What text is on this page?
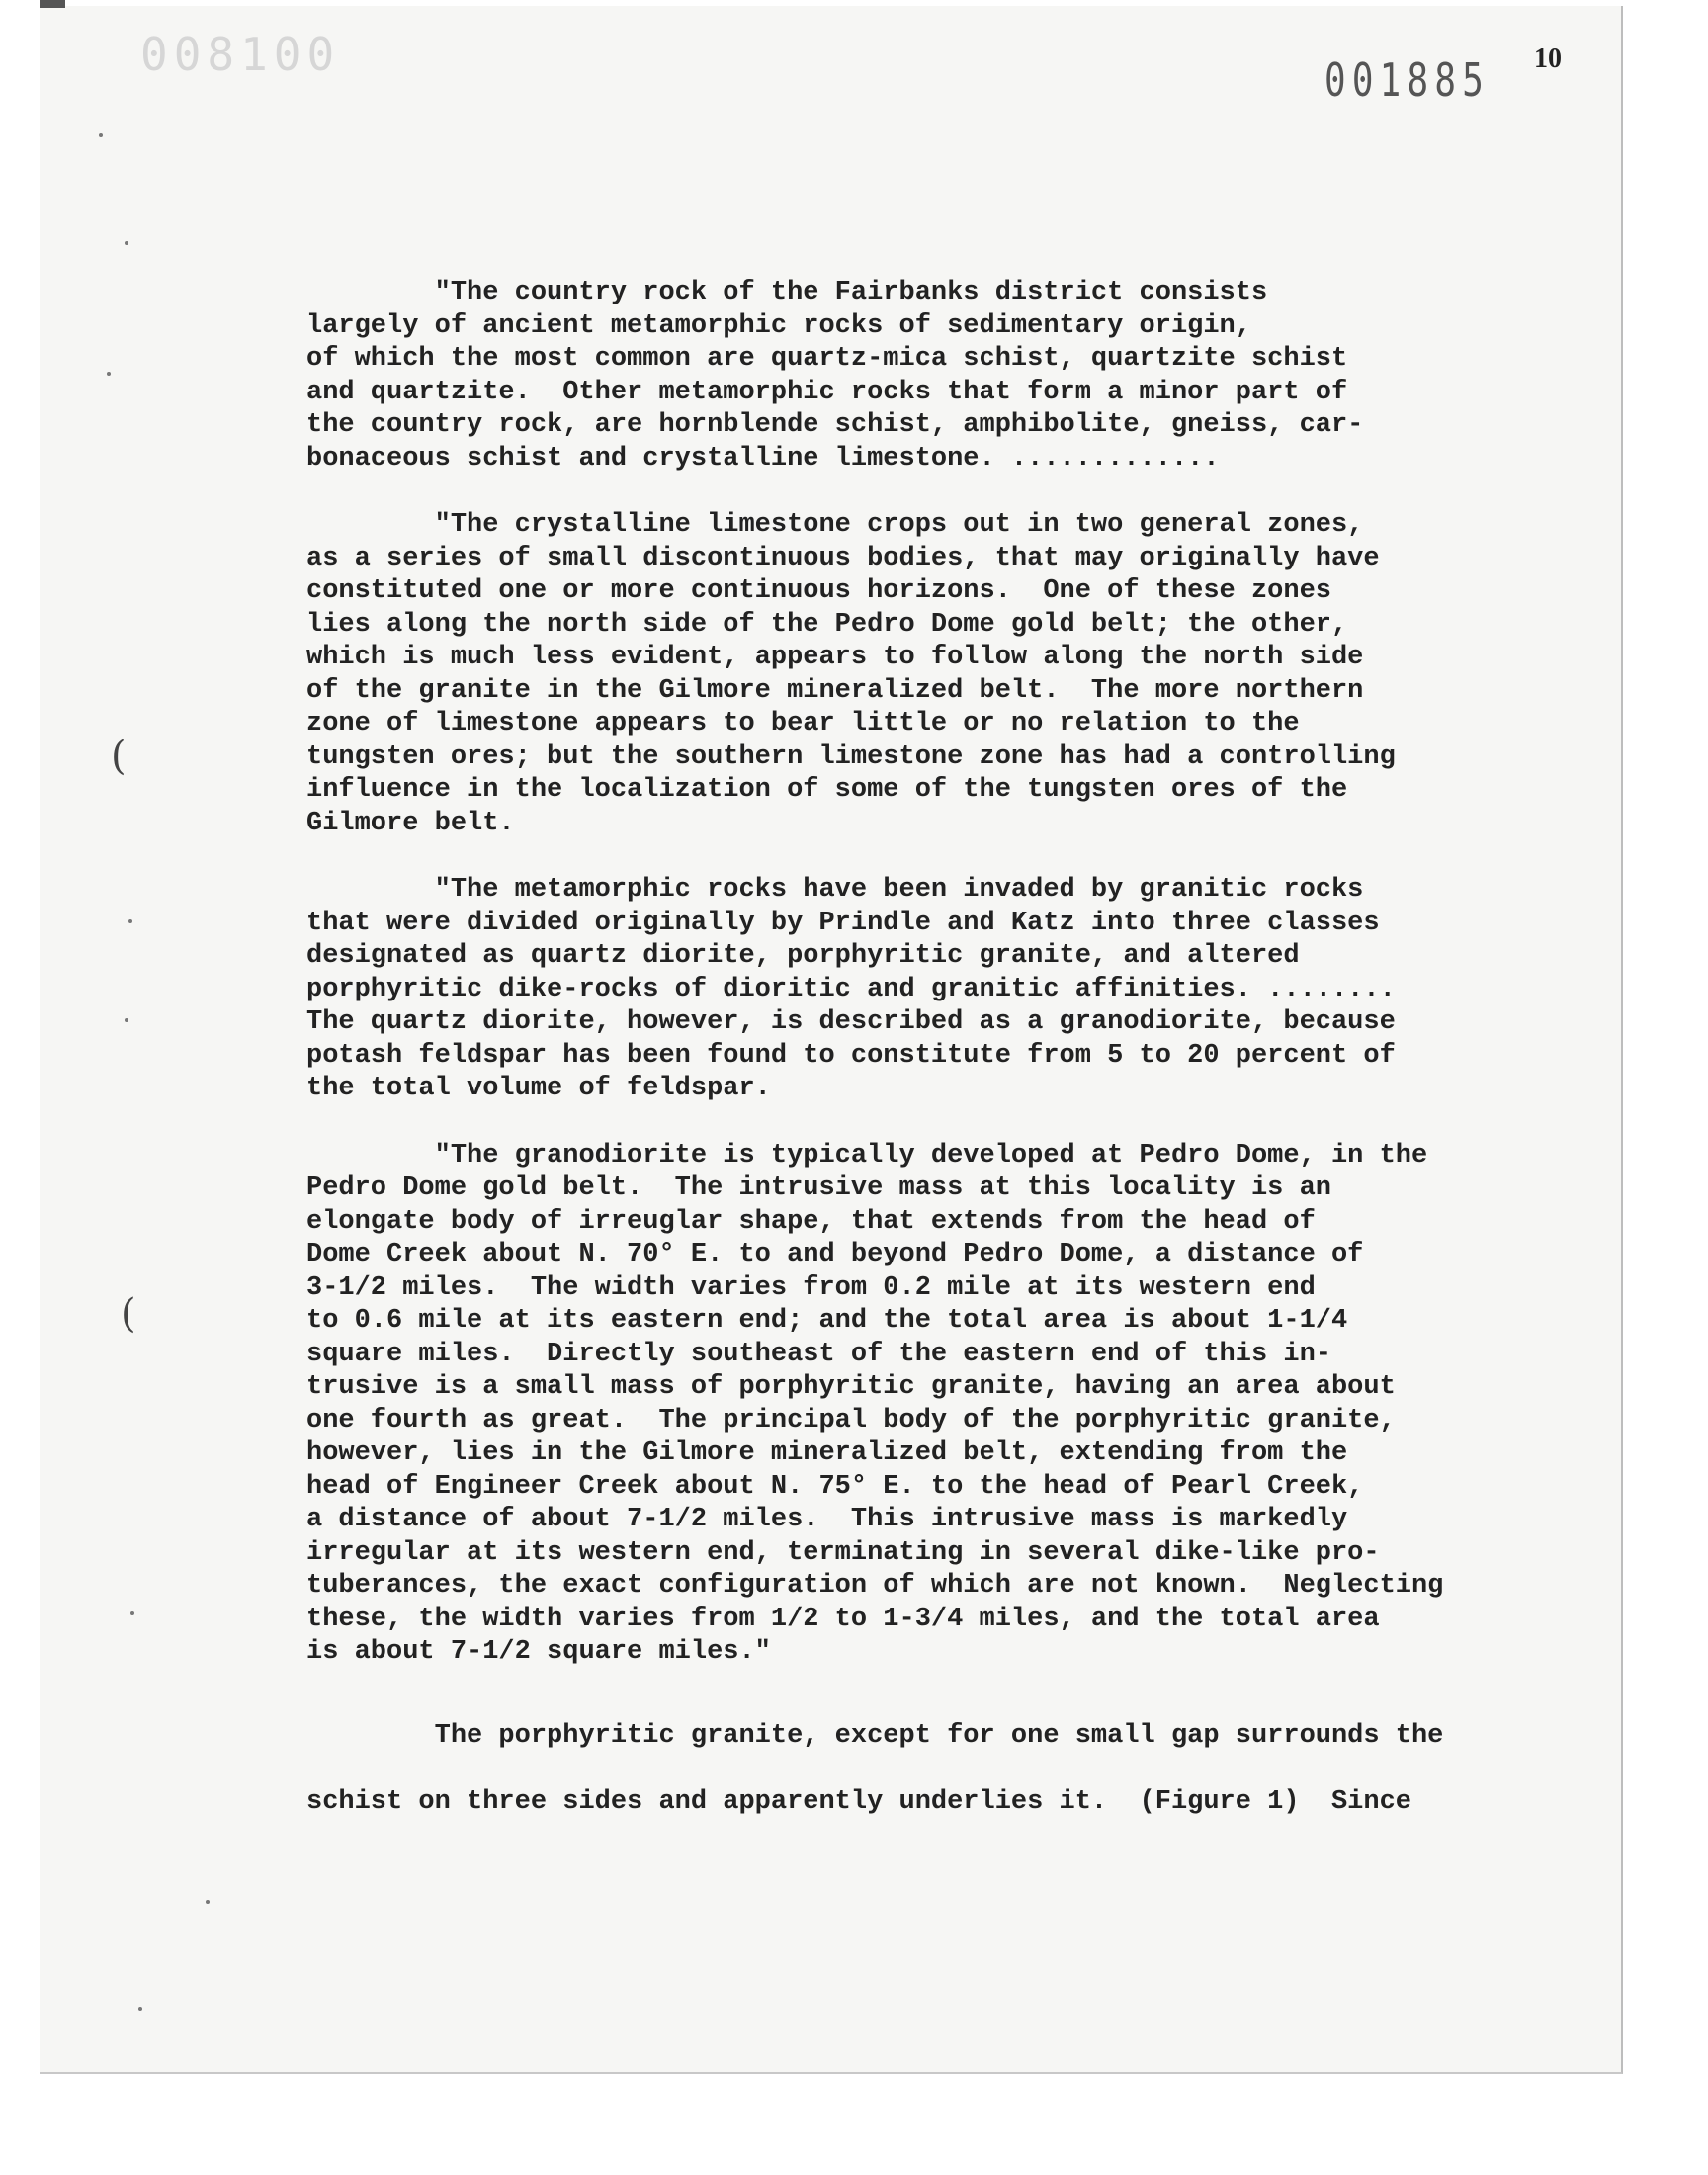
008100	001885 10

"The country rock of the Fairbanks district consists
largely of ancient metamorphic rocks of sedimentary origin,
of which the most common are quartz-mica schist, quartzite schist
and quartzite.  Other metamorphic rocks that form a minor part of
the country rock, are hornblende schist, amphibolite, gneiss, car-
bonaceous schist and crystalline limestone. .............

"The crystalline limestone crops out in two general zones,
as a series of small discontinuous bodies, that may originally have
constituted one or more continuous horizons.  One of these zones
lies along the north side of the Pedro Dome gold belt; the other,
which is much less evident, appears to follow along the north side
of the granite in the Gilmore mineralized belt.  The more northern
zone of limestone appears to bear little or no relation to the
tungsten ores; but the southern limestone zone has had a controlling
influence in the localization of some of the tungsten ores of the
Gilmore belt.

"The metamorphic rocks have been invaded by granitic rocks
that were divided originally by Prindle and Katz into three classes
designated as quartz diorite, porphyritic granite, and altered
porphyritic dike-rocks of dioritic and granitic affinities. ........
The quartz diorite, however, is described as a granodiorite, because
potash feldspar has been found to constitute from 5 to 20 percent of
the total volume of feldspar.

"The granodiorite is typically developed at Pedro Dome, in the
Pedro Dome gold belt.  The intrusive mass at this locality is an
elongate body of irreuglar shape, that extends from the head of
Dome Creek about N. 70° E. to and beyond Pedro Dome, a distance of
3-1/2 miles.  The width varies from 0.2 mile at its western end
to 0.6 mile at its eastern end; and the total area is about 1-1/4
square miles.  Directly southeast of the eastern end of this in-
trusive is a small mass of porphyritic granite, having an area about
one fourth as great.  The principal body of the porphyritic granite,
however, lies in the Gilmore mineralized belt, extending from the
head of Engineer Creek about N. 75° E. to the head of Pearl Creek,
a distance of about 7-1/2 miles.  This intrusive mass is markedly
irregular at its western end, terminating in several dike-like pro-
tuberances, the exact configuration of which are not known.  Neglecting
these, the width varies from 1/2 to 1-3/4 miles, and the total area
is about 7-1/2 square miles."

The porphyritic granite, except for one small gap surrounds the
schist on three sides and apparently underlies it.  (Figure 1)  Since

(
(
